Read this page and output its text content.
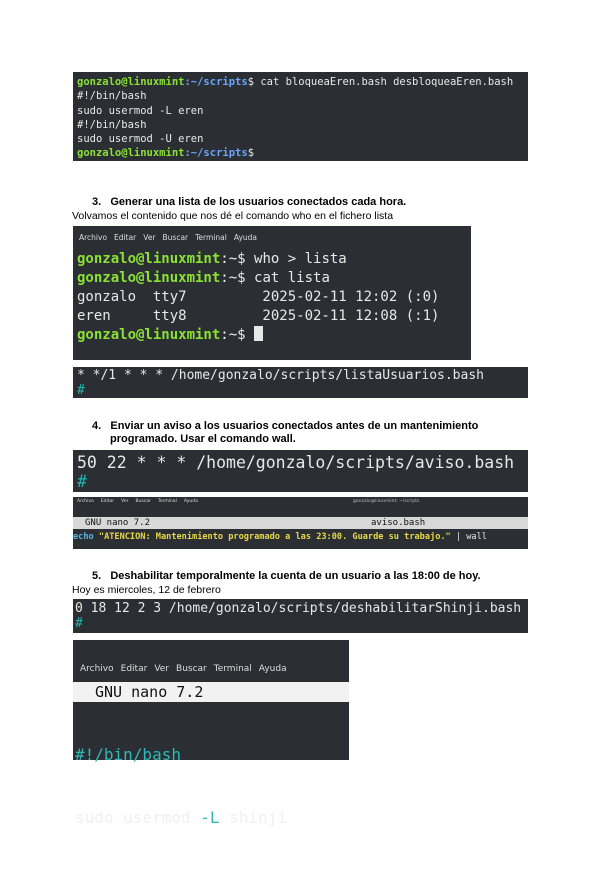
gonzalo@linuxmint:~/scripts$ cat bloqueaEren.bash desbloqueaEren.bash
#!/bin/bash
sudo usermod -L eren
#!/bin/bash
sudo usermod -U eren
gonzalo@linuxmint:~/scripts$
3. Generar una lista de los usuarios conectados cada hora.
Volvamos el contenido que nos dé el comando who en el fichero lista
Archivo Editar Ver Buscar Terminal Ayuda
gonzalo@linuxmint:~$ who > lista
gonzalo@linuxmint:~$ cat lista
gonzalo  tty7         2025-02-11 12:02 (:0)
eren     tty8         2025-02-11 12:08 (:1)
gonzalo@linuxmint:~$
* */1 * * * /home/gonzalo/scripts/listaUsuarios.bash
#
4. Enviar un aviso a los usuarios conectados antes de un mantenimiento
programado. Usar el comando wall.
50 22 * * * /home/gonzalo/scripts/aviso.bash
#
Archivo Editar Ver Buscar Terminal Ayuda	gonzalo@linuxmint: ~/scripts
GNU nano 7.2	aviso.bash
echo "ATENCION: Mantenimiento programado a las 23:00. Guarde su trabajo." | wall
5. Deshabilitar temporalmente la cuenta de un usuario a las 18:00 de hoy.
Hoy es miercoles, 12 de febrero
0 18 12 2 3 /home/gonzalo/scripts/deshabilitarShinji.bash
#
Archivo Editar Ver Buscar Terminal Ayuda
GNU nano 7.2

#!/bin/bash

sudo usermod -L shinji
